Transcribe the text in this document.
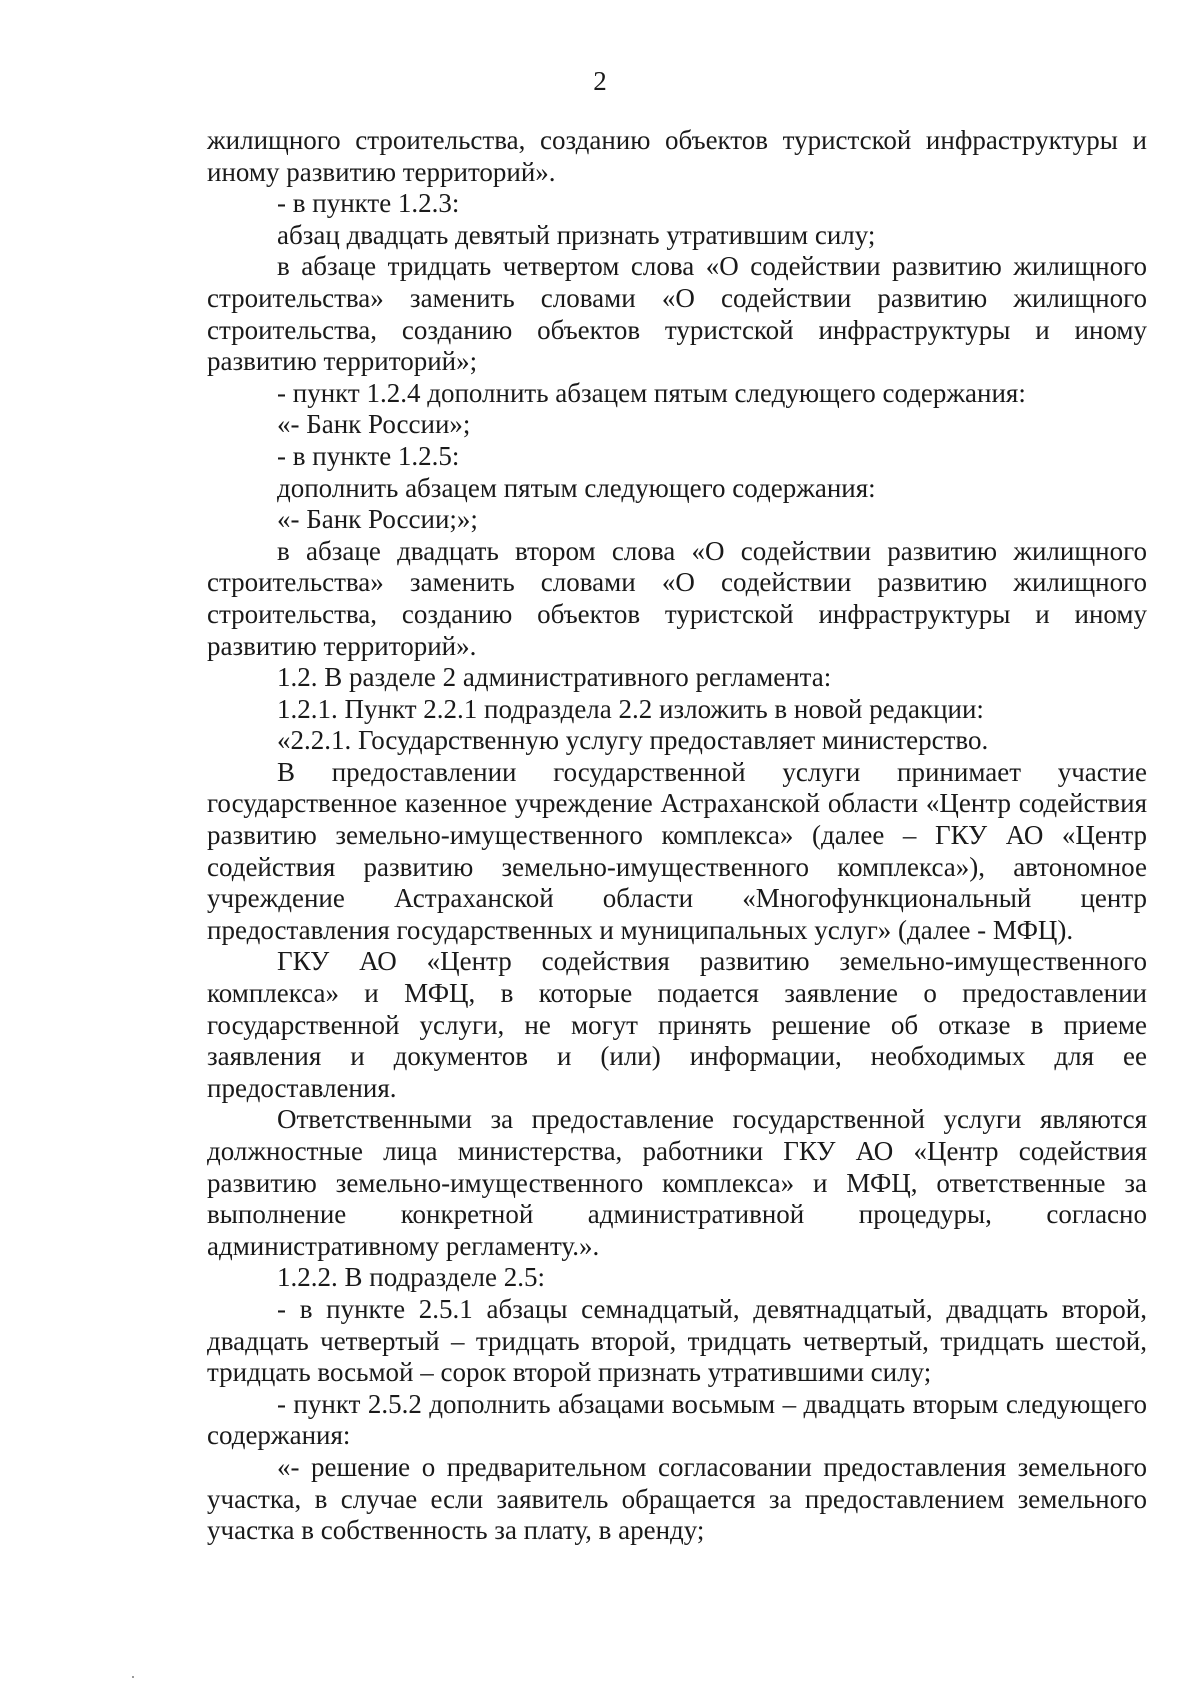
2

жилищного строительства, созданию объектов туристской инфраструктуры и иному развитию территорий».

- в пункте 1.2.3:

абзац двадцать девятый признать утратившим силу;

в абзаце тридцать четвертом слова «О содействии развитию жилищного строительства» заменить словами «О содействии развитию жилищного строительства, созданию объектов туристской инфраструктуры и иному развитию территорий»;

- пункт 1.2.4 дополнить абзацем пятым следующего содержания:

«- Банк России»;

- в пункте 1.2.5:

дополнить абзацем пятым следующего содержания:

«- Банк России;»;

в абзаце двадцать втором слова «О содействии развитию жилищного строительства» заменить словами «О содействии развитию жилищного строительства, созданию объектов туристской инфраструктуры и иному развитию территорий».

1.2. В разделе 2 административного регламента:

1.2.1. Пункт 2.2.1 подраздела 2.2 изложить в новой редакции:

«2.2.1. Государственную услугу предоставляет министерство.

В предоставлении государственной услуги принимает участие государственное казенное учреждение Астраханской области «Центр содействия развитию земельно-имущественного комплекса» (далее – ГКУ АО «Центр содействия развитию земельно-имущественного комплекса»), автономное учреждение Астраханской области «Многофункциональный центр предоставления государственных и муниципальных услуг» (далее - МФЦ).

ГКУ АО «Центр содействия развитию земельно-имущественного комплекса» и МФЦ, в которые подается заявление о предоставлении государственной услуги, не могут принять решение об отказе в приеме заявления и документов и (или) информации, необходимых для ее предоставления.

Ответственными за предоставление государственной услуги являются должностные лица министерства, работники ГКУ АО «Центр содействия развитию земельно-имущественного комплекса» и МФЦ, ответственные за выполнение конкретной административной процедуры, согласно административному регламенту.».

1.2.2. В подразделе 2.5:

- в пункте 2.5.1 абзацы семнадцатый, девятнадцатый, двадцать второй, двадцать четвертый – тридцать второй, тридцать четвертый, тридцать шестой, тридцать восьмой – сорок второй признать утратившими силу;

- пункт 2.5.2 дополнить абзацами восьмым – двадцать вторым следующего содержания:

«- решение о предварительном согласовании предоставления земельного участка, в случае если заявитель обращается за предоставлением земельного участка в собственность за плату, в аренду;
